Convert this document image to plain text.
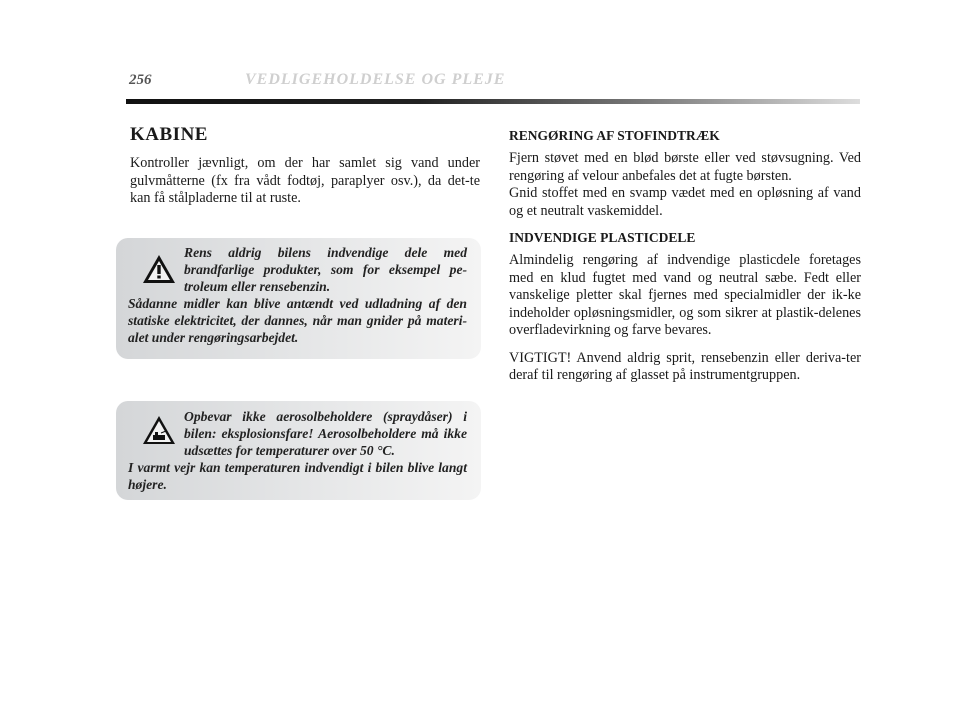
256	VEDLIGEHOLDELSE OG PLEJE
KABINE

Kontroller jævnligt, om der har samlet sig vand under gulvmåtterne (fx fra vådt fodtøj, paraplyer osv.), da det-te kan få stålpladerne til at ruste.

Rens aldrig bilens indvendige dele med brandfarlige produkter, som for eksempel pe-troleum eller rensebenzin.
Sådanne midler kan blive antændt ved udladning af den statiske elektricitet, der dannes, når man gnider på materi-alet under rengøringsarbejdet.
Opbevar ikke aerosolbeholdere (spraydåser) i bilen: eksplosionsfare! Aerosolbeholdere må ikke udsættes for temperaturer over 50 °C.
I varmt vejr kan temperaturen indvendigt i bilen blive langt højere.
RENGØRING AF STOFINDTRÆK

Fjern støvet med en blød børste eller ved støvsugning. Ved rengøring af velour anbefales det at fugte børsten.

Gnid stoffet med en svamp vædet med en opløsning af vand og et neutralt vaskemiddel.

INDVENDIGE PLASTICDELE

Almindelig rengøring af indvendige plasticdele foretages med en klud fugtet med vand og neutral sæbe. Fedt eller vanskelige pletter skal fjernes med specialmidler der ik-ke indeholder opløsningsmidler, og som sikrer at plastik-delenes overfladevirkning og farve bevares.

VIGTIGT! Anvend aldrig sprit, rensebenzin eller deriva-ter deraf til rengøring af glasset på instrumentgruppen.
